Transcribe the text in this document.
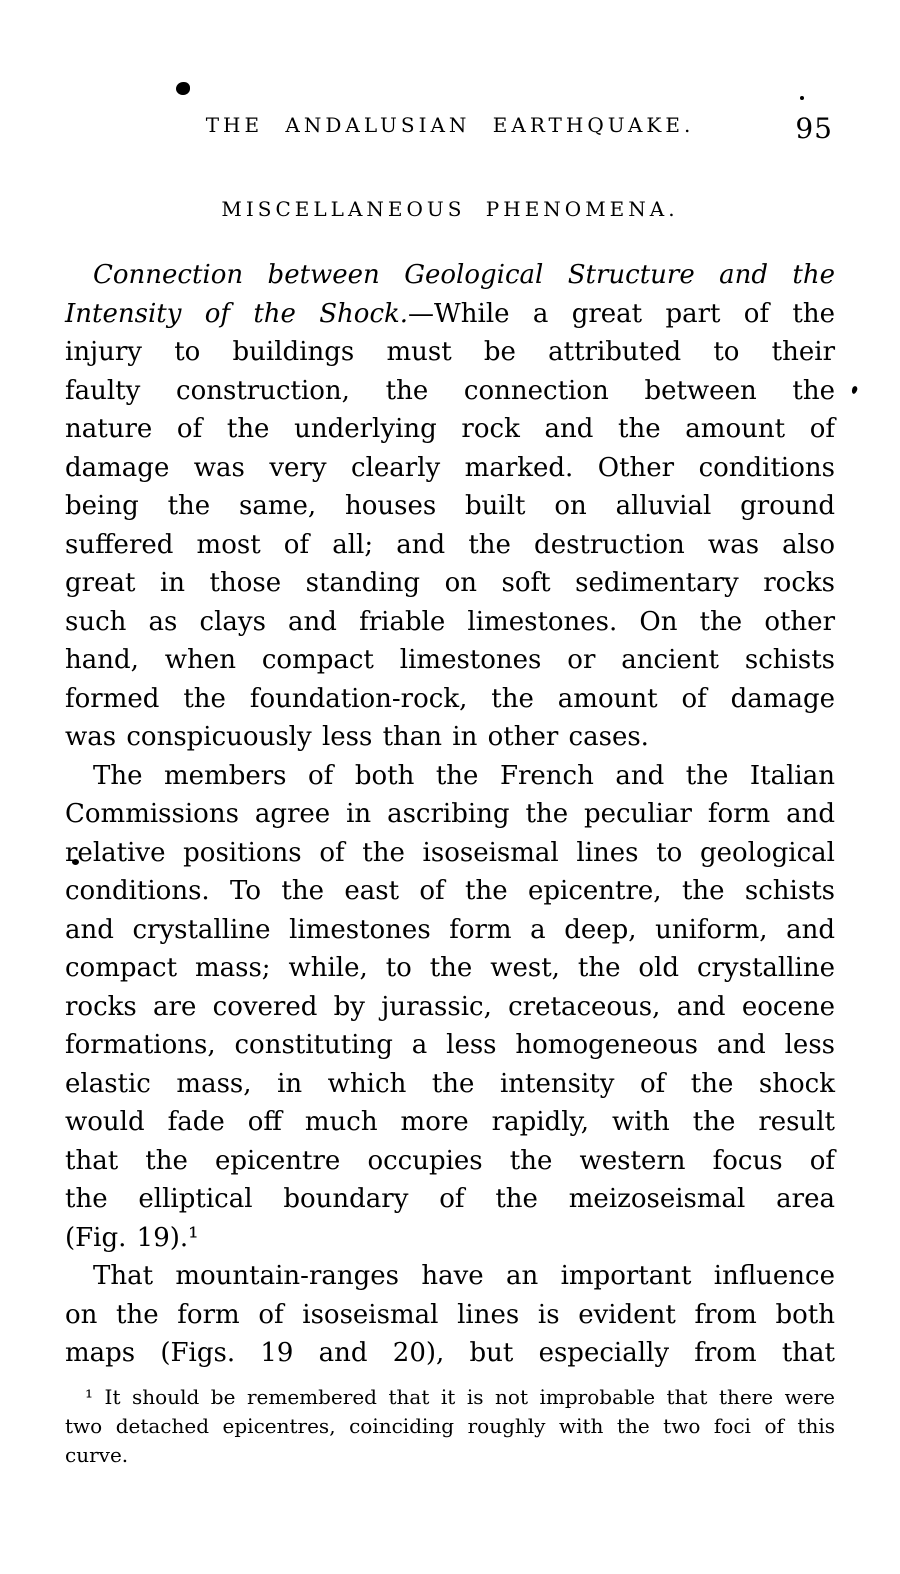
THE ANDALUSIAN EARTHQUAKE.	95
MISCELLANEOUS PHENOMENA.
Connection between Geological Structure and the
Intensity of the Shock.—While a great part of the
injury to buildings must be attributed to their
faulty construction, the connection between the
nature of the underlying rock and the amount of
damage was very clearly marked. Other conditions
being the same, houses built on alluvial ground
suffered most of all; and the destruction was also
great in those standing on soft sedimentary rocks
such as clays and friable limestones. On the other
hand, when compact limestones or ancient schists
formed the foundation-rock, the amount of damage
was conspicuously less than in other cases.
The members of both the French and the Italian
Commissions agree in ascribing the peculiar form and
relative positions of the isoseismal lines to geological
conditions. To the east of the epicentre, the schists
and crystalline limestones form a deep, uniform, and
compact mass; while, to the west, the old crystalline
rocks are covered by jurassic, cretaceous, and eocene
formations, constituting a less homogeneous and less
elastic mass, in which the intensity of the shock
would fade off much more rapidly, with the result
that the epicentre occupies the western focus of
the elliptical boundary of the meizoseismal area
(Fig. 19).¹
That mountain-ranges have an important influence
on the form of isoseismal lines is evident from both
maps (Figs. 19 and 20), but especially from that
¹ It should be remembered that it is not improbable that there were
two detached epicentres, coinciding roughly with the two foci of this
curve.
